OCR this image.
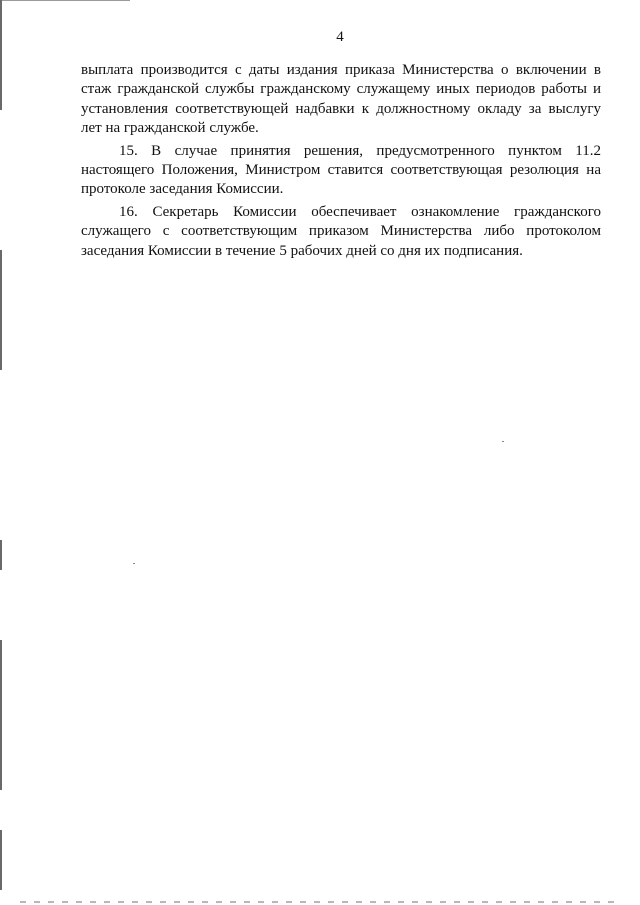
4

выплата производится с даты издания приказа Министерства о включении в стаж гражданской службы гражданскому служащему иных периодов работы и установления соответствующей надбавки к должностному окладу за выслугу лет на гражданской службе.

15. В случае принятия решения, предусмотренного пунктом 11.2 настоящего Положения, Министром ставится соответствующая резолюция на протоколе заседания Комиссии.

16. Секретарь Комиссии обеспечивает ознакомление гражданского служащего с соответствующим приказом Министерства либо протоколом заседания Комиссии в течение 5 рабочих дней со дня их подписания.
